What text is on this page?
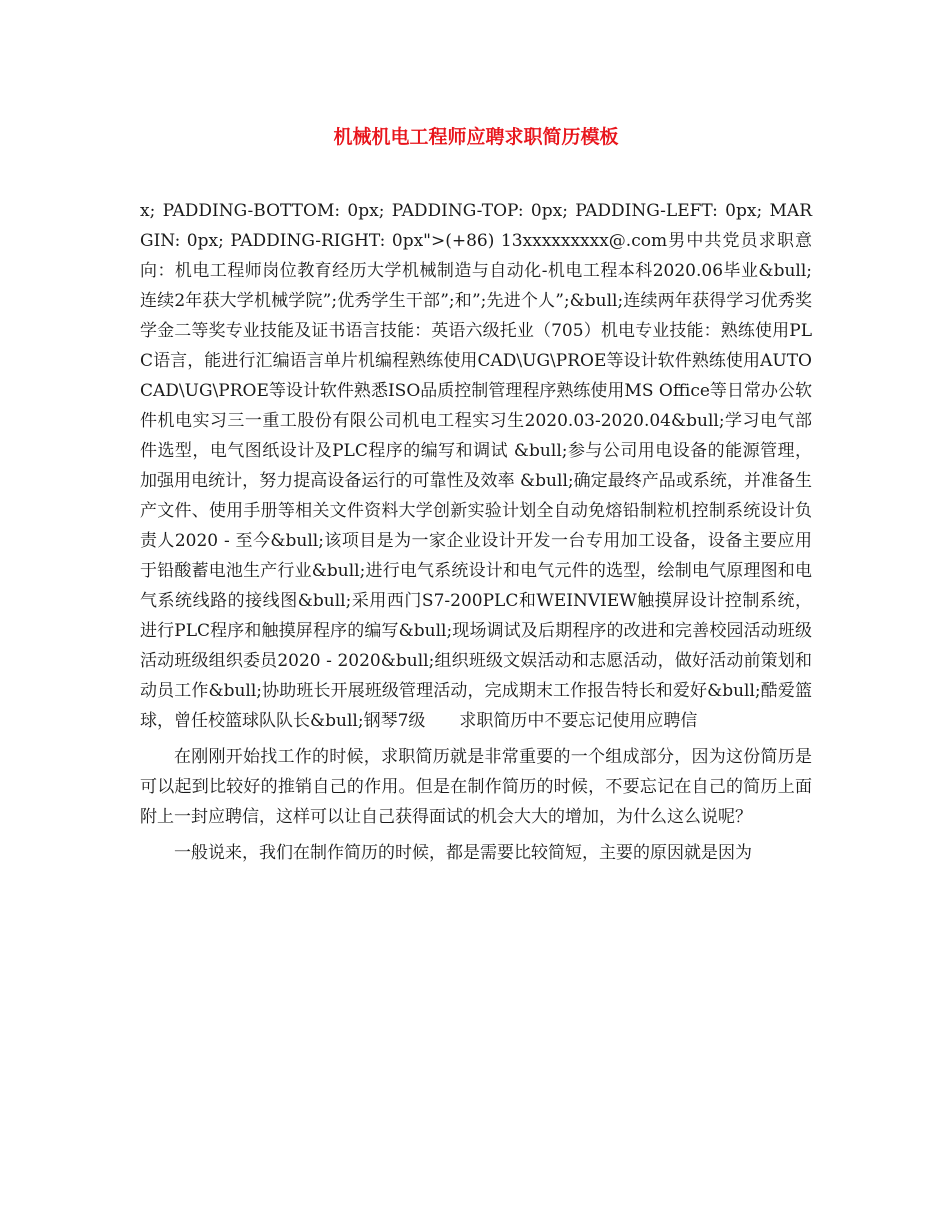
机械机电工程师应聘求职简历模板

x; PADDING-BOTTOM: 0px; PADDING-TOP: 0px; PADDING-LEFT: 0px; MARGIN: 0px; PADDING-RIGHT: 0px">(+86) 13xxxxxxxxx@.com男中共党员求职意向：机电工程师岗位教育经历大学机械制造与自动化-机电工程本科2020.06毕业&bull;连续2年获大学机械学院”;优秀学生干部”;和”;先进个人”;&bull;连续两年获得学习优秀奖学金二等奖专业技能及证书语言技能：英语六级托业（705）机电专业技能：熟练使用PLC语言，能进行汇编语言单片机编程熟练使用CAD\UG\PROE等设计软件熟练使用AUTO CAD\UG\PROE等设计软件熟悉ISO品质控制管理程序熟练使用MS Office等日常办公软件机电实习三一重工股份有限公司机电工程实习生2020.03-2020.04&bull;学习电气部件选型，电气图纸设计及PLC程序的编写和调试 &bull;参与公司用电设备的能源管理，加强用电统计，努力提高设备运行的可靠性及效率 &bull;确定最终产品或系统，并准备生产文件、使用手册等相关文件资料大学创新实验计划全自动免熔铅制粒机控制系统设计负责人2020 - 至今&bull;该项目是为一家企业设计开发一台专用加工设备，设备主要应用于铅酸蓄电池生产行业&bull;进行电气系统设计和电气元件的选型，绘制电气原理图和电气系统线路的接线图&bull;采用西门S7-200PLC和WEINVIEW触摸屏设计控制系统，进行PLC程序和触摸屏程序的编写&bull;现场调试及后期程序的改进和完善校园活动班级活动班级组织委员2020 - 2020&bull;组织班级文娱活动和志愿活动，做好活动前策划和动员工作&bull;协助班长开展班级管理活动，完成期末工作报告特长和爱好&bull;酷爱篮球，曾任校篮球队队长&bull;钢琴7级　　求职简历中不要忘记使用应聘信

在刚刚开始找工作的时候，求职简历就是非常重要的一个组成部分，因为这份简历是可以起到比较好的推销自己的作用。但是在制作简历的时候，不要忘记在自己的简历上面附上一封应聘信，这样可以让自己获得面试的机会大大的增加，为什么这么说呢？

一般说来，我们在制作简历的时候，都是需要比较简短，主要的原因就是因为
